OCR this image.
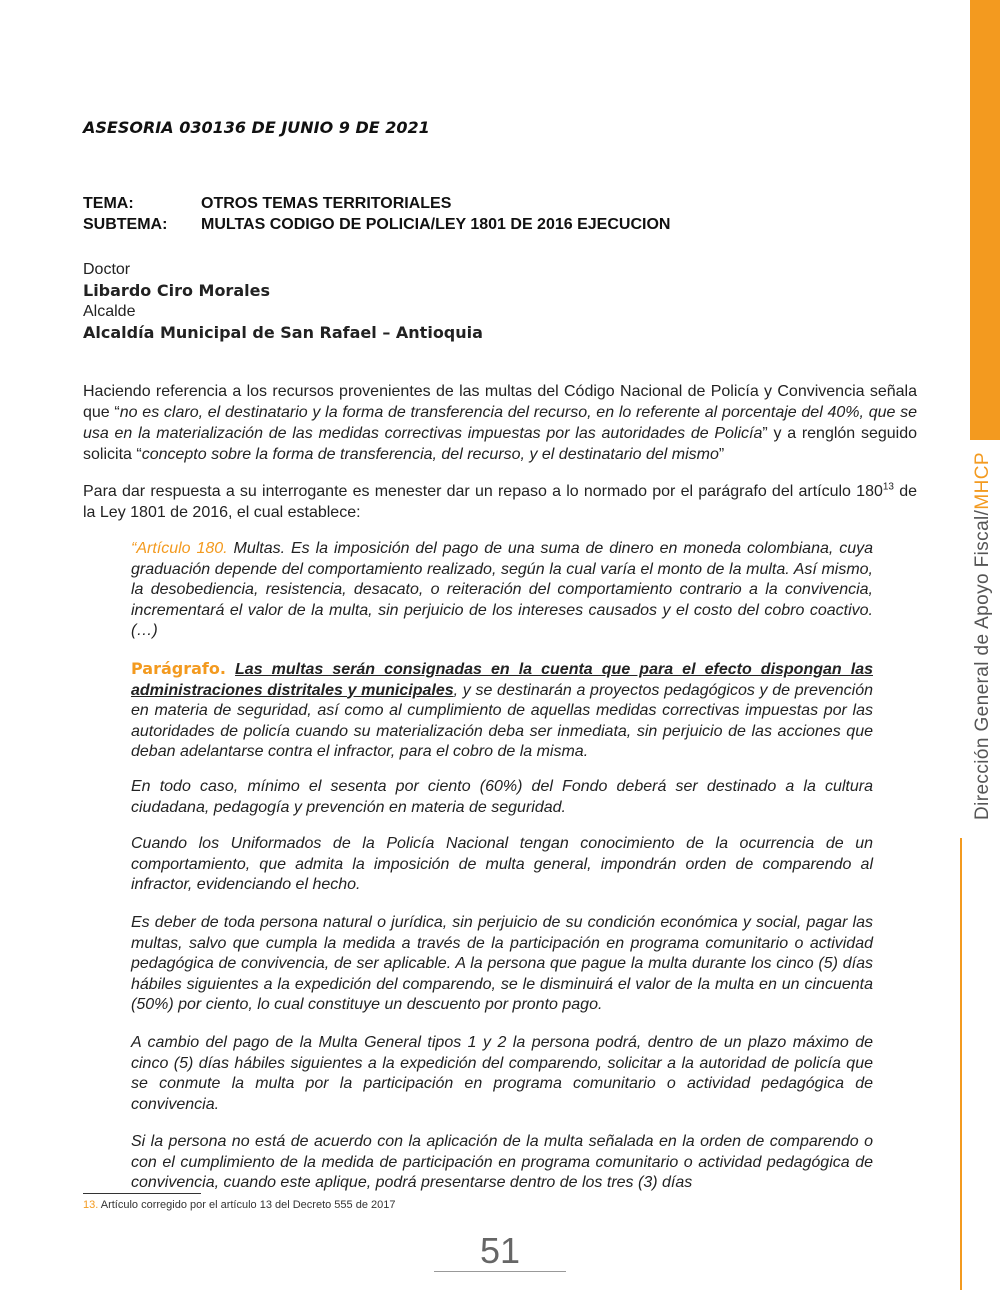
Dirección General de Apoyo Fiscal/MHCP
ASESORIA 030136 DE JUNIO 9 DE 2021
TEMA:	OTROS TEMAS TERRITORIALES
SUBTEMA:	MULTAS CODIGO DE POLICIA/LEY 1801 DE 2016 EJECUCION
Doctor
Libardo Ciro Morales
Alcalde
Alcaldía Municipal de San Rafael – Antioquia
Haciendo referencia a los recursos provenientes de las multas del Código Nacional de Policía y Convivencia señala que “no es claro, el destinatario y la forma de transferencia del recurso, en lo referente al porcentaje del 40%, que se usa en la materialización de las medidas correctivas impuestas por las autoridades de Policía” y a renglón seguido solicita “concepto sobre la forma de transferencia, del recurso, y el destinatario del mismo”
Para dar respuesta a su interrogante es menester dar un repaso a lo normado por el parágrafo del artículo $180^{13}$ de la Ley 1801 de 2016, el cual establece:
“Artículo 180. Multas. Es la imposición del pago de una suma de dinero en moneda colombiana, cuya graduación depende del comportamiento realizado, según la cual varía el monto de la multa. Así mismo, la desobediencia, resistencia, desacato, o reiteración del comportamiento contrario a la convivencia, incrementará el valor de la multa, sin perjuicio de los intereses causados y el costo del cobro coactivo. (…)
Parágrafo. Las multas serán consignadas en la cuenta que para el efecto dispongan las administraciones distritales y municipales, y se destinarán a proyectos pedagógicos y de prevención en materia de seguridad, así como al cumplimiento de aquellas medidas correctivas impuestas por las autoridades de policía cuando su materialización deba ser inmediata, sin perjuicio de las acciones que deban adelantarse contra el infractor, para el cobro de la misma.
En todo caso, mínimo el sesenta por ciento (60%) del Fondo deberá ser destinado a la cultura ciudadana, pedagogía y prevención en materia de seguridad.
Cuando los Uniformados de la Policía Nacional tengan conocimiento de la ocurrencia de un comportamiento, que admita la imposición de multa general, impondrán orden de comparendo al infractor, evidenciando el hecho.
Es deber de toda persona natural o jurídica, sin perjuicio de su condición económica y social, pagar las multas, salvo que cumpla la medida a través de la participación en programa comunitario o actividad pedagógica de convivencia, de ser aplicable. A la persona que pague la multa durante los cinco (5) días hábiles siguientes a la expedición del comparendo, se le disminuirá el valor de la multa en un cincuenta (50%) por ciento, lo cual constituye un descuento por pronto pago.
A cambio del pago de la Multa General tipos 1 y 2 la persona podrá, dentro de un plazo máximo de cinco (5) días hábiles siguientes a la expedición del comparendo, solicitar a la autoridad de policía que se conmute la multa por la participación en programa comunitario o actividad pedagógica de convivencia.
Si la persona no está de acuerdo con la aplicación de la multa señalada en la orden de comparendo o con el cumplimiento de la medida de participación en programa comunitario o actividad pedagógica de convivencia, cuando este aplique, podrá presentarse dentro de los tres (3) días
13. Artículo corregido por el artículo 13 del Decreto 555 de 2017
51
